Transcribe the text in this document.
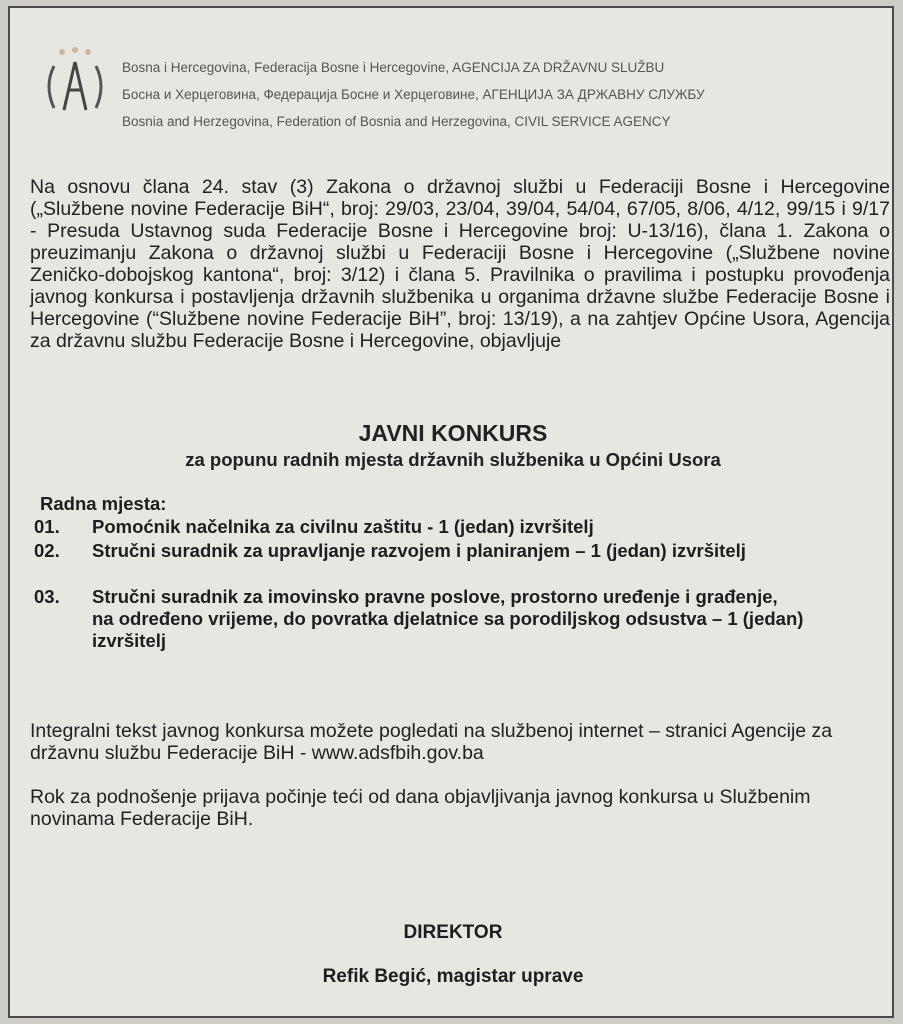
Bosna i Hercegovina, Federacija Bosne i Hercegovine, AGENCIJA ZA DRŽAVNU SLUŽBU
Босна и Херцеговина, Федерација Босне и Херцеговине, АГЕНЦИЈА ЗА ДРЖАВНУ СЛУЖБУ
Bosnia and Herzegovina, Federation of Bosnia and Herzegovina, CIVIL SERVICE AGENCY
Na osnovu člana 24. stav (3) Zakona o državnoj službi u Federaciji Bosne i Hercegovine („Službene novine Federacije BiH“, broj: 29/03, 23/04, 39/04, 54/04, 67/05, 8/06, 4/12, 99/15 i 9/17 - Presuda Ustavnog suda Federacije Bosne i Hercegovine broj: U-13/16), člana 1. Zakona o preuzimanju Zakona o državnoj službi u Federaciji Bosne i Hercegovine („Službene novine Zeničko-dobojskog kantona“, broj: 3/12) i člana 5. Pravilnika o pravilima i postupku provođenja javnog konkursa i postavljenja državnih službenika u organima državne službe Federacije Bosne i Hercegovine (“Službene novine Federacije BiH”, broj: 13/19), a na zahtjev Općine Usora, Agencija za državnu službu Federacije Bosne i Hercegovine, objavljuje
JAVNI KONKURS
za popunu radnih mjesta državnih službenika u Općini Usora
Radna mjesta:
01.	Pomoćnik načelnika za civilnu zaštitu - 1 (jedan) izvršitelj
02.	Stručni suradnik za upravljanje razvojem i planiranjem – 1 (jedan) izvršitelj
03.	Stručni suradnik za imovinsko pravne poslove, prostorno uređenje i građenje,
na određeno vrijeme, do povratka djelatnice sa porodiljskog odsustva – 1 (jedan) izvršitelj
Integralni tekst javnog konkursa možete pogledati na službenoj internet – stranici Agencije za državnu službu Federacije BiH - www.adsfbih.gov.ba
Rok za podnošenje prijava počinje teći od dana objavljivanja javnog konkursa u Službenim novinama Federacije BiH.
DIREKTOR
Refik Begić, magistar uprave
